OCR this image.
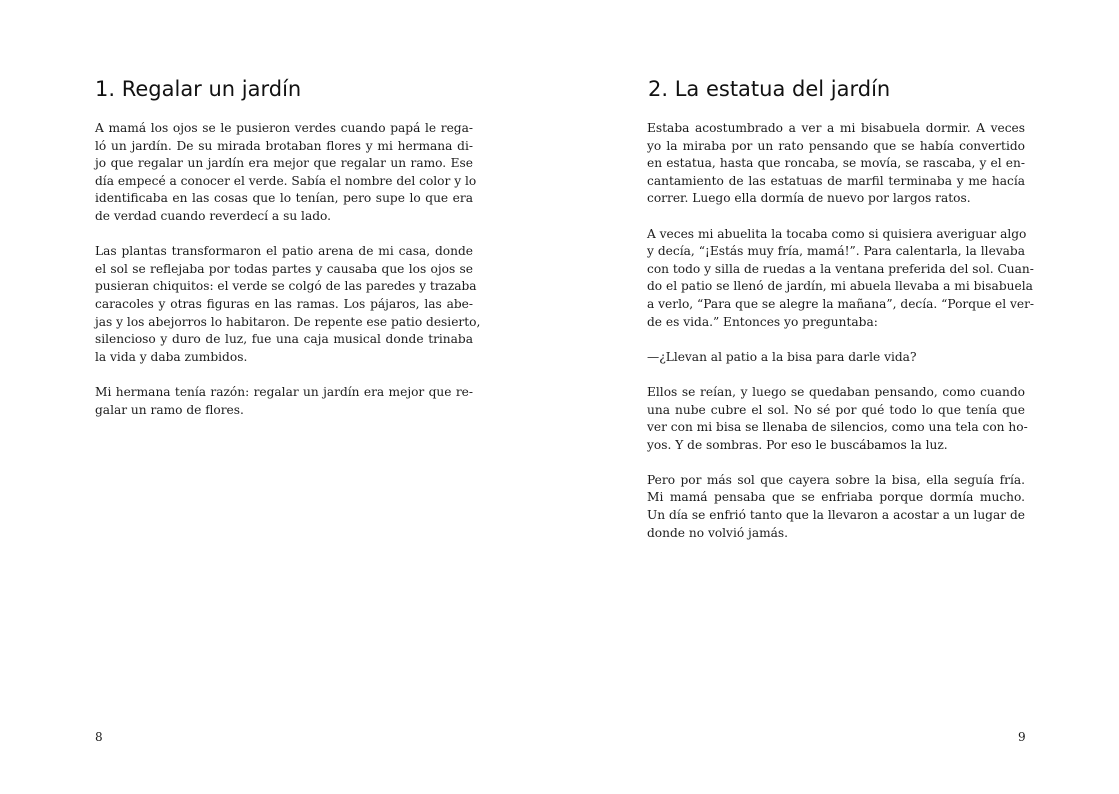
1. Regalar un jardín
A mamá los ojos se le pusieron verdes cuando papá le rega-
ló un jardín. De su mirada brotaban flores y mi hermana di-
jo que regalar un jardín era mejor que regalar un ramo. Ese
día empecé a conocer el verde. Sabía el nombre del color y lo
identificaba en las cosas que lo tenían, pero supe lo que era
de verdad cuando reverdecí a su lado.
Las plantas transformaron el patio arena de mi casa, donde
el sol se reflejaba por todas partes y causaba que los ojos se
pusieran chiquitos: el verde se colgó de las paredes y trazaba
caracoles y otras figuras en las ramas. Los pájaros, las abe-
jas y los abejorros lo habitaron. De repente ese patio desierto,
silencioso y duro de luz, fue una caja musical donde trinaba
la vida y daba zumbidos.
Mi hermana tenía razón: regalar un jardín era mejor que re-
galar un ramo de flores.
8
2. La estatua del jardín
Estaba acostumbrado a ver a mi bisabuela dormir. A veces
yo la miraba por un rato pensando que se había convertido
en estatua, hasta que roncaba, se movía, se rascaba, y el en-
cantamiento de las estatuas de marfil terminaba y me hacía
correr. Luego ella dormía de nuevo por largos ratos.
A veces mi abuelita la tocaba como si quisiera averiguar algo
y decía, “¡Estás muy fría, mamá!”. Para calentarla, la llevaba
con todo y silla de ruedas a la ventana preferida del sol. Cuan-
do el patio se llenó de jardín, mi abuela llevaba a mi bisabuela
a verlo, “Para que se alegre la mañana”, decía. “Porque el ver-
de es vida.” Entonces yo preguntaba:
—¿Llevan al patio a la bisa para darle vida?
Ellos se reían, y luego se quedaban pensando, como cuando
una nube cubre el sol. No sé por qué todo lo que tenía que
ver con mi bisa se llenaba de silencios, como una tela con ho-
yos. Y de sombras. Por eso le buscábamos la luz.
Pero por más sol que cayera sobre la bisa, ella seguía fría.
Mi mamá pensaba que se enfriaba porque dormía mucho.
Un día se enfrió tanto que la llevaron a acostar a un lugar de
donde no volvió jamás.
9
